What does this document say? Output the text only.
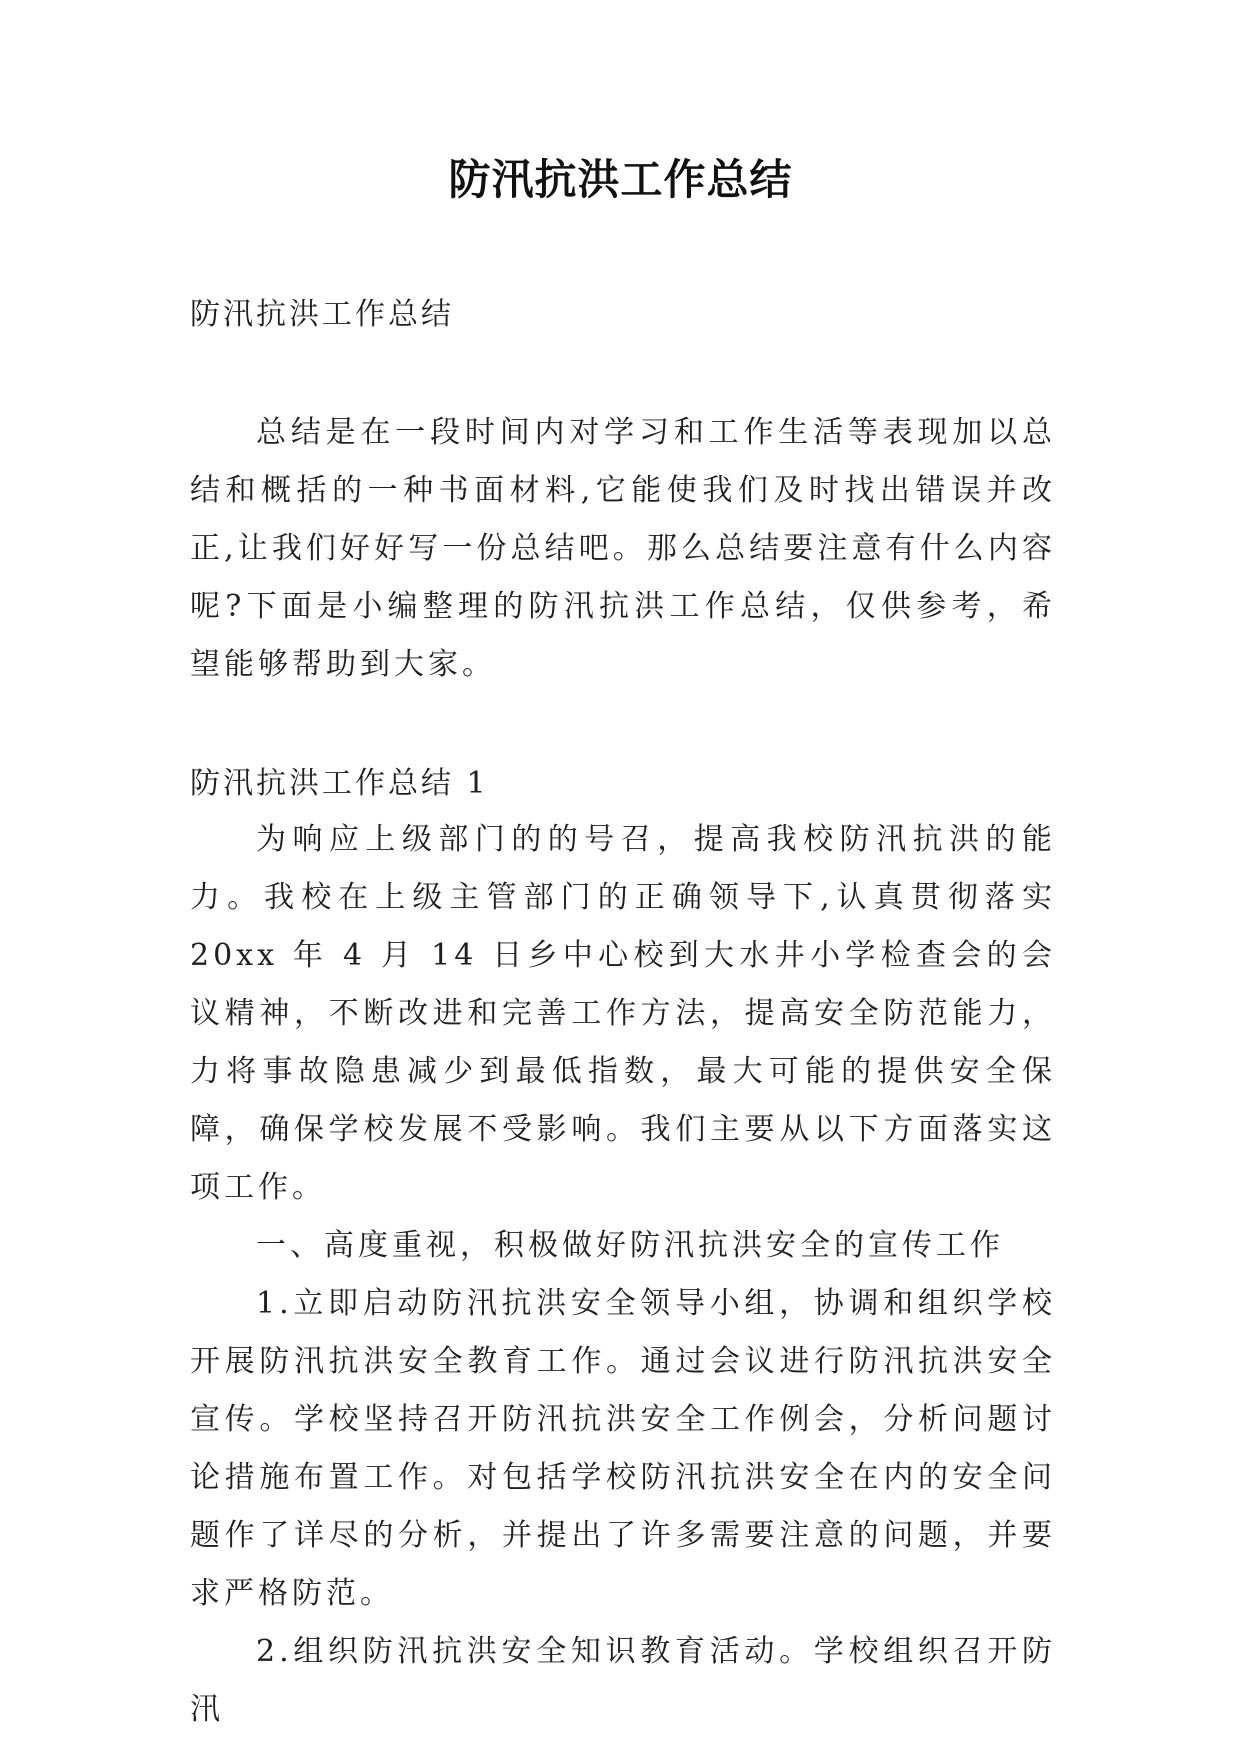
防汛抗洪工作总结
防汛抗洪工作总结
总结是在一段时间内对学习和工作生活等表现加以总结和概括的一种书面材料,它能使我们及时找出错误并改正,让我们好好写一份总结吧。那么总结要注意有什么内容呢?下面是小编整理的防汛抗洪工作总结，仅供参考，希望能够帮助到大家。
防汛抗洪工作总结 1

为响应上级部门的的号召，提高我校防汛抗洪的能力。我校在上级主管部门的正确领导下,认真贯彻落实 20xx 年 4 月 14 日乡中心校到大水井小学检查会的会议精神，不断改进和完善工作方法，提高安全防范能力，力将事故隐患减少到最低指数，最大可能的提供安全保障，确保学校发展不受影响。我们主要从以下方面落实这项工作。

一、高度重视，积极做好防汛抗洪安全的宣传工作

1.立即启动防汛抗洪安全领导小组，协调和组织学校开展防汛抗洪安全教育工作。通过会议进行防汛抗洪安全宣传。学校坚持召开防汛抗洪安全工作例会，分析问题讨论措施布置工作。对包括学校防汛抗洪安全在内的安全问题作了详尽的分析，并提出了许多需要注意的问题，并要求严格防范。

2.组织防汛抗洪安全知识教育活动。学校组织召开防汛
